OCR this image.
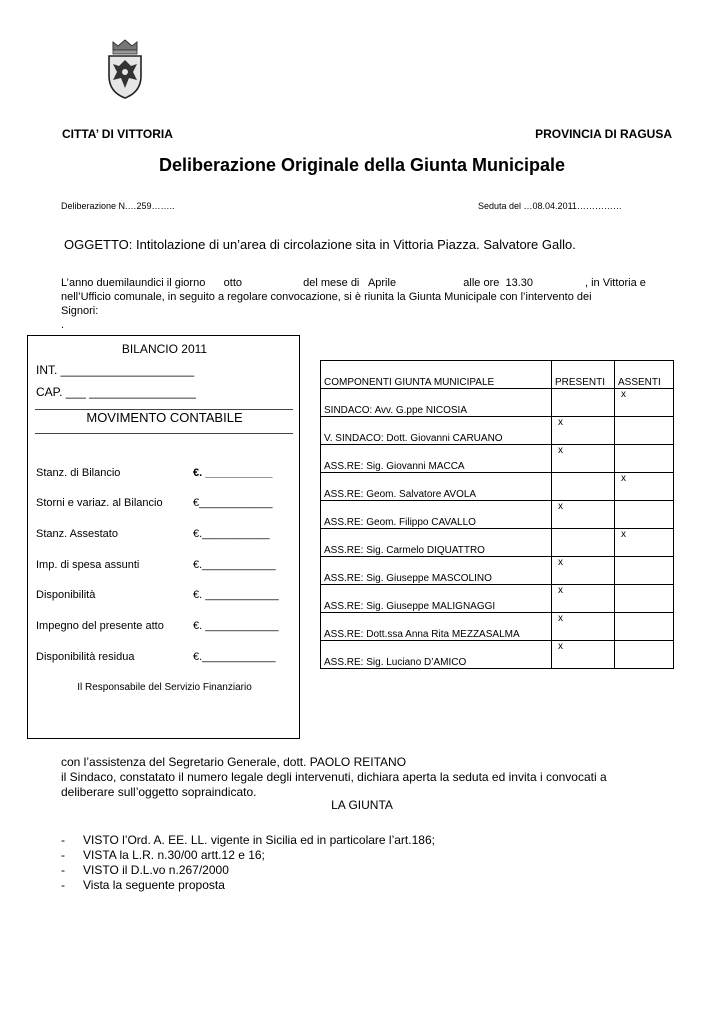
CITTA’ DI VITTORIA	PROVINCIA DI RAGUSA
Deliberazione Originale della Giunta Municipale
Deliberazione N.…259……..	Seduta del …08.04.2011……………
OGGETTO: Intitolazione di un’area di circolazione sita in Vittoria Piazza. Salvatore Gallo.
L’anno duemilaundici il giorno      otto                    del mese di   Aprile                      alle ore  13.30                 , in Vittoria e
nell’Ufficio comunale, in seguito a regolare convocazione, si è riunita la Giunta Municipale con l’intervento dei
Signori:
.
BILANCIO 2011
INT. ____________________
CAP. ___ ________________
MOVIMENTO CONTABILE
Stanz. di Bilancio	€. ___________
Storni e variaz. al Bilancio	€____________
Stanz. Assestato	€.___________
Imp. di spesa assunti	€.____________
Disponibilità	€. ____________
Impegno del presente atto	€. ____________
Disponibilità residua	€.____________
Il Responsabile del Servizio Finanziario
COMPONENTI GIUNTA MUNICIPALE	PRESENTI	ASSENTI
SINDACO: Avv. G.ppe NICOSIA		x
V. SINDACO: Dott. Giovanni CARUANO	x	
ASS.RE: Sig. Giovanni MACCA	x	
ASS.RE: Geom. Salvatore AVOLA		x
ASS.RE: Geom. Filippo CAVALLO	x	
ASS.RE: Sig. Carmelo DIQUATTRO		x
ASS.RE: Sig. Giuseppe MASCOLINO	x	
ASS.RE: Sig. Giuseppe MALIGNAGGI	x	
ASS.RE: Dott.ssa Anna Rita MEZZASALMA	x	
ASS.RE: Sig. Luciano D’AMICO	x	
con l’assistenza del Segretario Generale, dott. PAOLO REITANO
il Sindaco, constatato il numero legale degli intervenuti, dichiara aperta la seduta ed invita i convocati a
deliberare sull’oggetto sopraindicato.
LA GIUNTA
-	VISTO l’Ord. A. EE. LL. vigente in Sicilia ed in particolare l’art.186;
-	VISTA la L.R. n.30/00 artt.12 e 16;
-	VISTO il D.L.vo n.267/2000
-	Vista la seguente proposta
